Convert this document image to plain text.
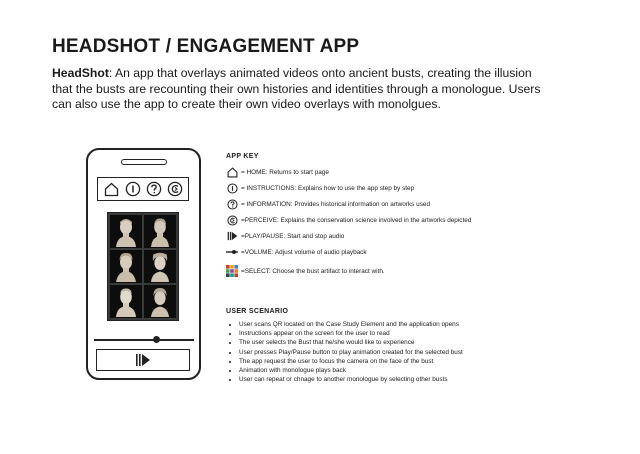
HEADSHOT / ENGAGEMENT APP

HeadShot: An app that overlays animated videos onto ancient busts, creating the illusion that the busts are recounting their own histories and identities through a monologue. Users can also use the app to create their own video overlays with monolgues.

APP KEY
= HOME: Returns to start page
= INSTRUCTIONS: Explains how to use the app step by step
= INFORMATION: Provides historical information on artworks used
=PERCEIVE: Explains the conservation science involved in the artworks depicted
=PLAY/PAUSE: Start and stop audio
=VOLUME: Adjust volume of audio playback
=SELECT: Choose the bust artifact to interact with.
USER SCENARIO
• User scans QR located on the Case Study Element and the application opens
• Instructions appear on the screen for the user to read
• The user selects the Bust that he/she would like to experience
• User presses Play/Pause button to play animation created for the selected bust
• The app request the user to focus the camera on the face of the bust
• Animation with monologue plays back
• User can repeat or chnage to another monologue by selecting other busts
